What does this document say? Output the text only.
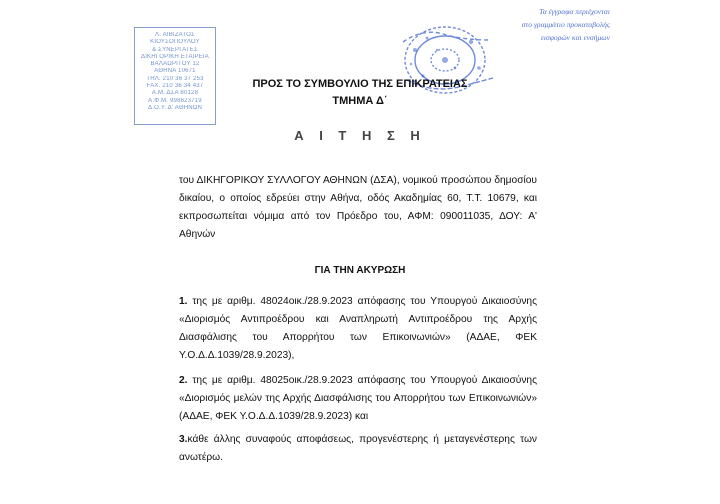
Λ. ΑΙΒΙΖΑΤΟΣ
ΚΙΟΥΣΟΠΟΥΛΟΥ
& ΣΥΝΕΡΓΑΤΕΣ
ΔΙΚΗΓΟΡΙΚΗ ΕΤΑΙΡΕΙΑ
ΒΑΛΑΩΡΙΤΟΥ 12
ΑΘΗΝΑ 10671
ΤΗΛ. 210 36 37 253
FAX. 210 36 34 437
Α.Μ. ΔΣΑ 80128
Α.Φ.Μ. 998623719
Δ.Ο.Υ. Δ' ΑΘΗΝΩΝ
Τα έγγραφα περιέχονται
στο γραμμάτιο προκαταβολής
εισφορών και ενσήμων
ΠΡΟΣ ΤΟ ΣΥΜΒΟΥΛΙΟ ΤΗΣ ΕΠΙΚΡΑΤΕΙΑΣ
ΤΜΗΜΑ Δ΄
Α Ι Τ Η Σ Η
του ΔΙΚΗΓΟΡΙΚΟΥ ΣΥΛΛΟΓΟΥ ΑΘΗΝΩΝ (ΔΣΑ), νομικού προσώπου δημοσίου δικαίου, ο οποίος εδρεύει στην Αθήνα, οδός Ακαδημίας 60, Τ.Τ. 10679, και εκπροσωπείται νόμιμα από τον Πρόεδρο του, ΑΦΜ: 090011035, ΔΟΥ: Α' Αθηνών
ΓΙΑ ΤΗΝ ΑΚΥΡΩΣΗ
1. της με αριθμ. 48024οικ./28.9.2023 απόφασης του Υπουργού Δικαιοσύνης «Διορισμός Αντιπροέδρου και Αναπληρωτή Αντιπροέδρου της Αρχής Διασφάλισης του Απορρήτου των Επικοινωνιών» (ΑΔΑΕ, ΦΕΚ Υ.Ο.Δ.Δ.1039/28.9.2023),
2. της με αριθμ. 48025οικ./28.9.2023 απόφασης του Υπουργού Δικαιοσύνης «Διορισμός μελών της Αρχής Διασφάλισης του Απορρήτου των Επικοινωνιών» (ΑΔΑΕ, ΦΕΚ Υ.Ο.Δ.Δ.1039/28.9.2023) και
3.κάθε άλλης συναφούς αποφάσεως, προγενέστερης ή μεταγενέστερης των ανωτέρω.
